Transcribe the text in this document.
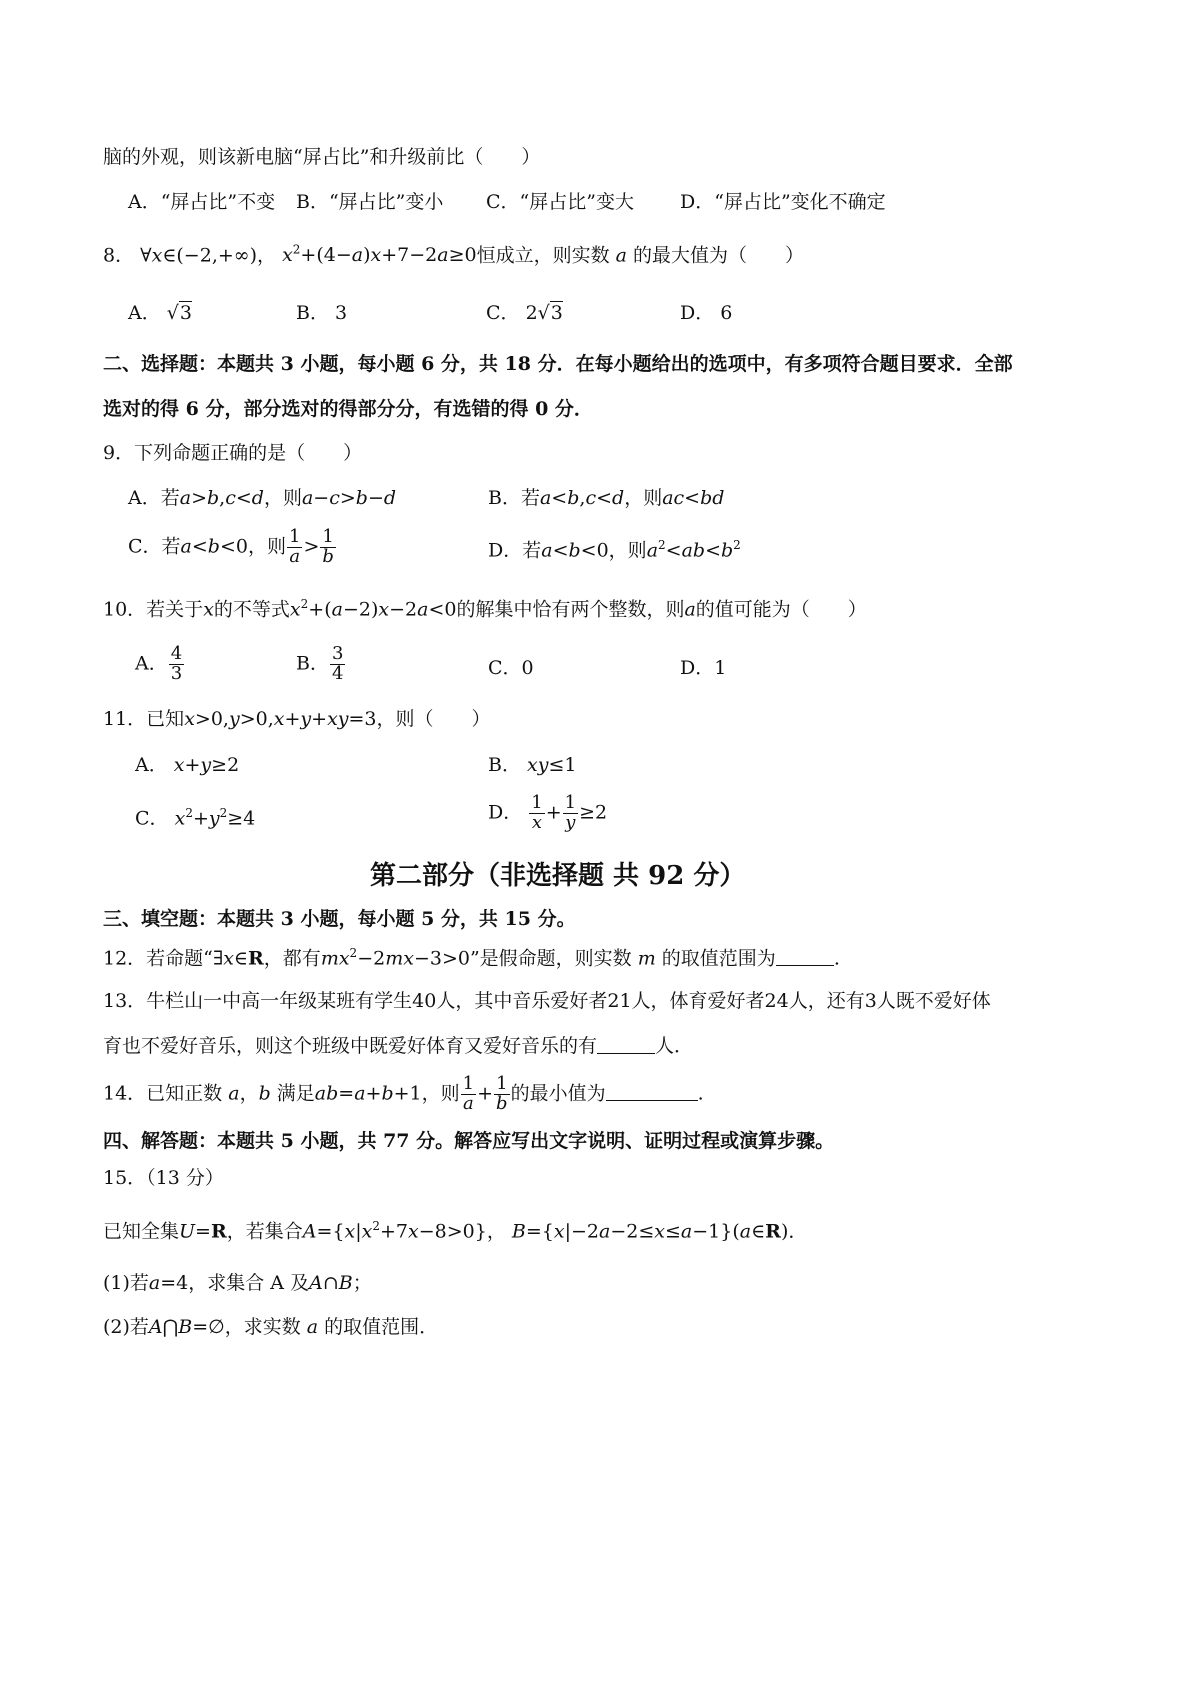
脑的外观，则该新电脑“屏占比”和升级前比（　　）
A．“屏占比”不变 B．“屏占比”变小 C．“屏占比”变大 D．“屏占比”变化不确定
8． ∀x∈(−2,+∞)， $x^2+(4-a)x+7-2a\ge 0$恒成立，则实数 a 的最大值为（　　）
A． √3	B． 3	C． 2√3	D． 6
二、选择题：本题共 3 小题，每小题 6 分，共 18 分．在每小题给出的选项中，有多项符合题目要求．全部
选对的得 6 分，部分选对的得部分分，有选错的得 0 分．
9．下列命题正确的是（　　）
A．若a>b,c<d，则a−c>b−d	B．若a<b,c<d，则ac<bd
C．若a<b<0，则 $\frac{1}{a} > \frac{1}{b}$	D．若a<b<0，则$a^2<ab<b^2$
10．若关于x的不等式$x^2+(a-2)x-2a<0$的解集中恰有两个整数，则a的值可能为（　　）
A． $\frac{4}{3}$	B． $\frac{3}{4}$	C．0	D．1
11．已知x>0,y>0,x+y+xy=3，则（　　）
A． x+y≥2	B． xy≤1
C． $x^2+y^2\ge 4$	D． $\frac{1}{x} + \frac{1}{y} \ge 2$
第二部分（非选择题 共 92 分）
三、填空题：本题共 3 小题，每小题 5 分，共 15 分。
12．若命题“∃x∈R，都有$mx^2-2mx-3>0$”是假命题，则实数 m 的取值范围为	.
13．牛栏山一中高一年级某班有学生40人，其中音乐爱好者21人，体育爱好者24人，还有3人既不爱好体
育也不爱好音乐，则这个班级中既爱好体育又爱好音乐的有	人．
14．已知正数 a，b 满足ab=a+b+1，则 $\frac{1}{a} + \frac{1}{b}$ 的最小值为	.
四、解答题：本题共 5 小题，共 77 分。解答应写出文字说明、证明过程或演算步骤。
15．（13 分）
已知全集U=R，若集合$A=\{x|x^2+7x-8>0\}$， B={x|−2a−2≤x≤a−1}(a∈R)．
(1)若a=4，求集合 A 及A∩B；
(2)若A⋂B=∅，求实数 a 的取值范围．
